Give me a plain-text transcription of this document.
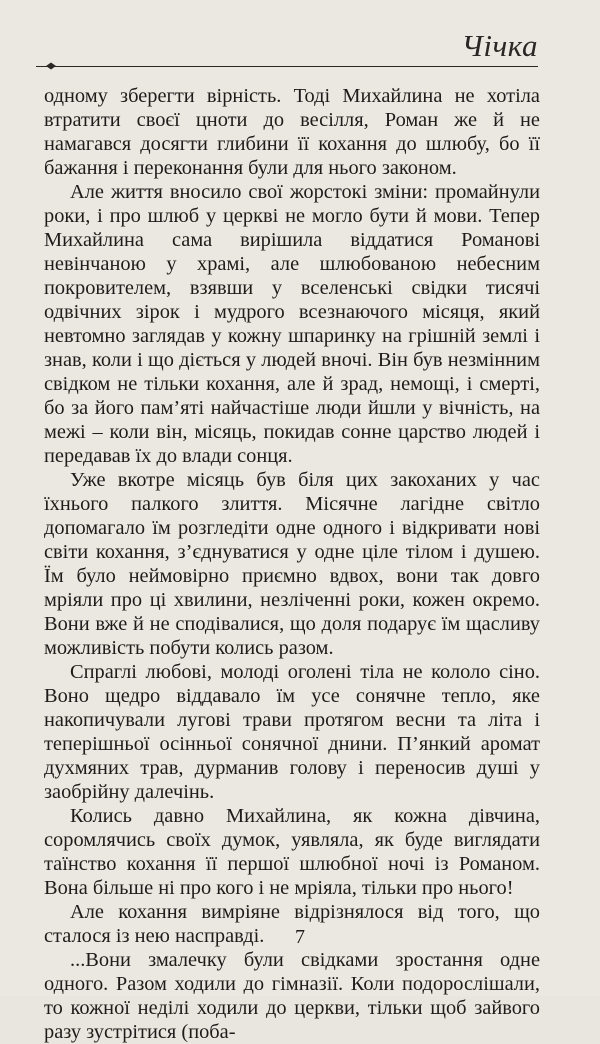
Чічка

одному зберегти вірність. Тоді Михайлина не хотіла втратити своєї цноти до весілля, Роман же й не намагався досягти глибини її кохання до шлюбу, бо її бажання і переконання були для нього законом.

Але життя вносило свої жорстокі зміни: промайнули роки, і про шлюб у церкві не могло бути й мови. Тепер Михайлина сама вирішила віддатися Романові невінчаною у храмі, але шлюбованою небесним покровителем, взявши у вселенські свідки тисячі одвічних зірок і мудрого всезнаючого місяця, який невтомно заглядав у кожну шпаринку на грішній землі і знав, коли і що діється у людей вночі. Він був незмінним свідком не тільки кохання, але й зрад, немощі, і смерті, бо за його пам’яті найчастіше люди йшли у вічність, на межі – коли він, місяць, покидав сонне царство людей і передавав їх до влади сонця.

Уже вкотре місяць був біля цих закоханих у час їхнього палкого злиття. Місячне лагідне світло допомагало їм розгледіти одне одного і відкривати нові світи кохання, з’єднуватися у одне ціле тілом і душею. Їм було неймовірно приємно вдвох, вони так довго мріяли про ці хвилини, незліченні роки, кожен окремо. Вони вже й не сподівалися, що доля подарує їм щасливу можливість побути колись разом.

Спраглі любові, молоді оголені тіла не кололо сіно. Воно щедро віддавало їм усе сонячне тепло, яке накопичували лугові трави протягом весни та літа і теперішньої осінньої сонячної днини. П’янкий аромат духмяних трав, дурманив голову і переносив душі у заобрійну далечінь.

Колись давно Михайлина, як кожна дівчина, соромлячись своїх думок, уявляла, як буде виглядати таїнство кохання її першої шлюбної ночі із Романом. Вона більше ні про кого і не мріяла, тільки про нього!

Але кохання вимріяне відрізнялося від того, що сталося із нею насправді.

...Вони змалечку були свідками зростання одне одного. Разом ходили до гімназії. Коли подорослішали, то кожної неділі ходили до церкви, тільки щоб зайвого разу зустрітися (поба-

7
